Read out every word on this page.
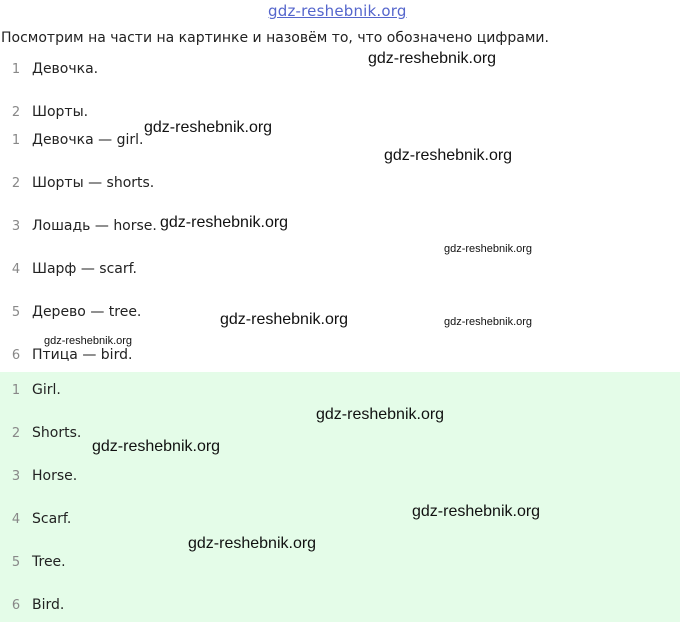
gdz-reshebnik.org
Посмотрим на части на картинке и назовём то, что обозначено цифрами.
1 Девочка.
2 Шорты.
1 Девочка — girl.
2 Шорты — shorts.
3 Лошадь — horse.
4 Шарф — scarf.
5 Дерево — tree.
6 Птица — bird.
1 Girl.
2 Shorts.
3 Horse.
4 Scarf.
5 Tree.
6 Bird.
gdz-reshebnik.org
gdz-reshebnik.org
gdz-reshebnik.org
gdz-reshebnik.org
gdz-reshebnik.org
gdz-reshebnik.org	gdz-reshebnik.org
gdz-reshebnik.org
gdz-reshebnik.org
gdz-reshebnik.org
gdz-reshebnik.org
gdz-reshebnik.org
